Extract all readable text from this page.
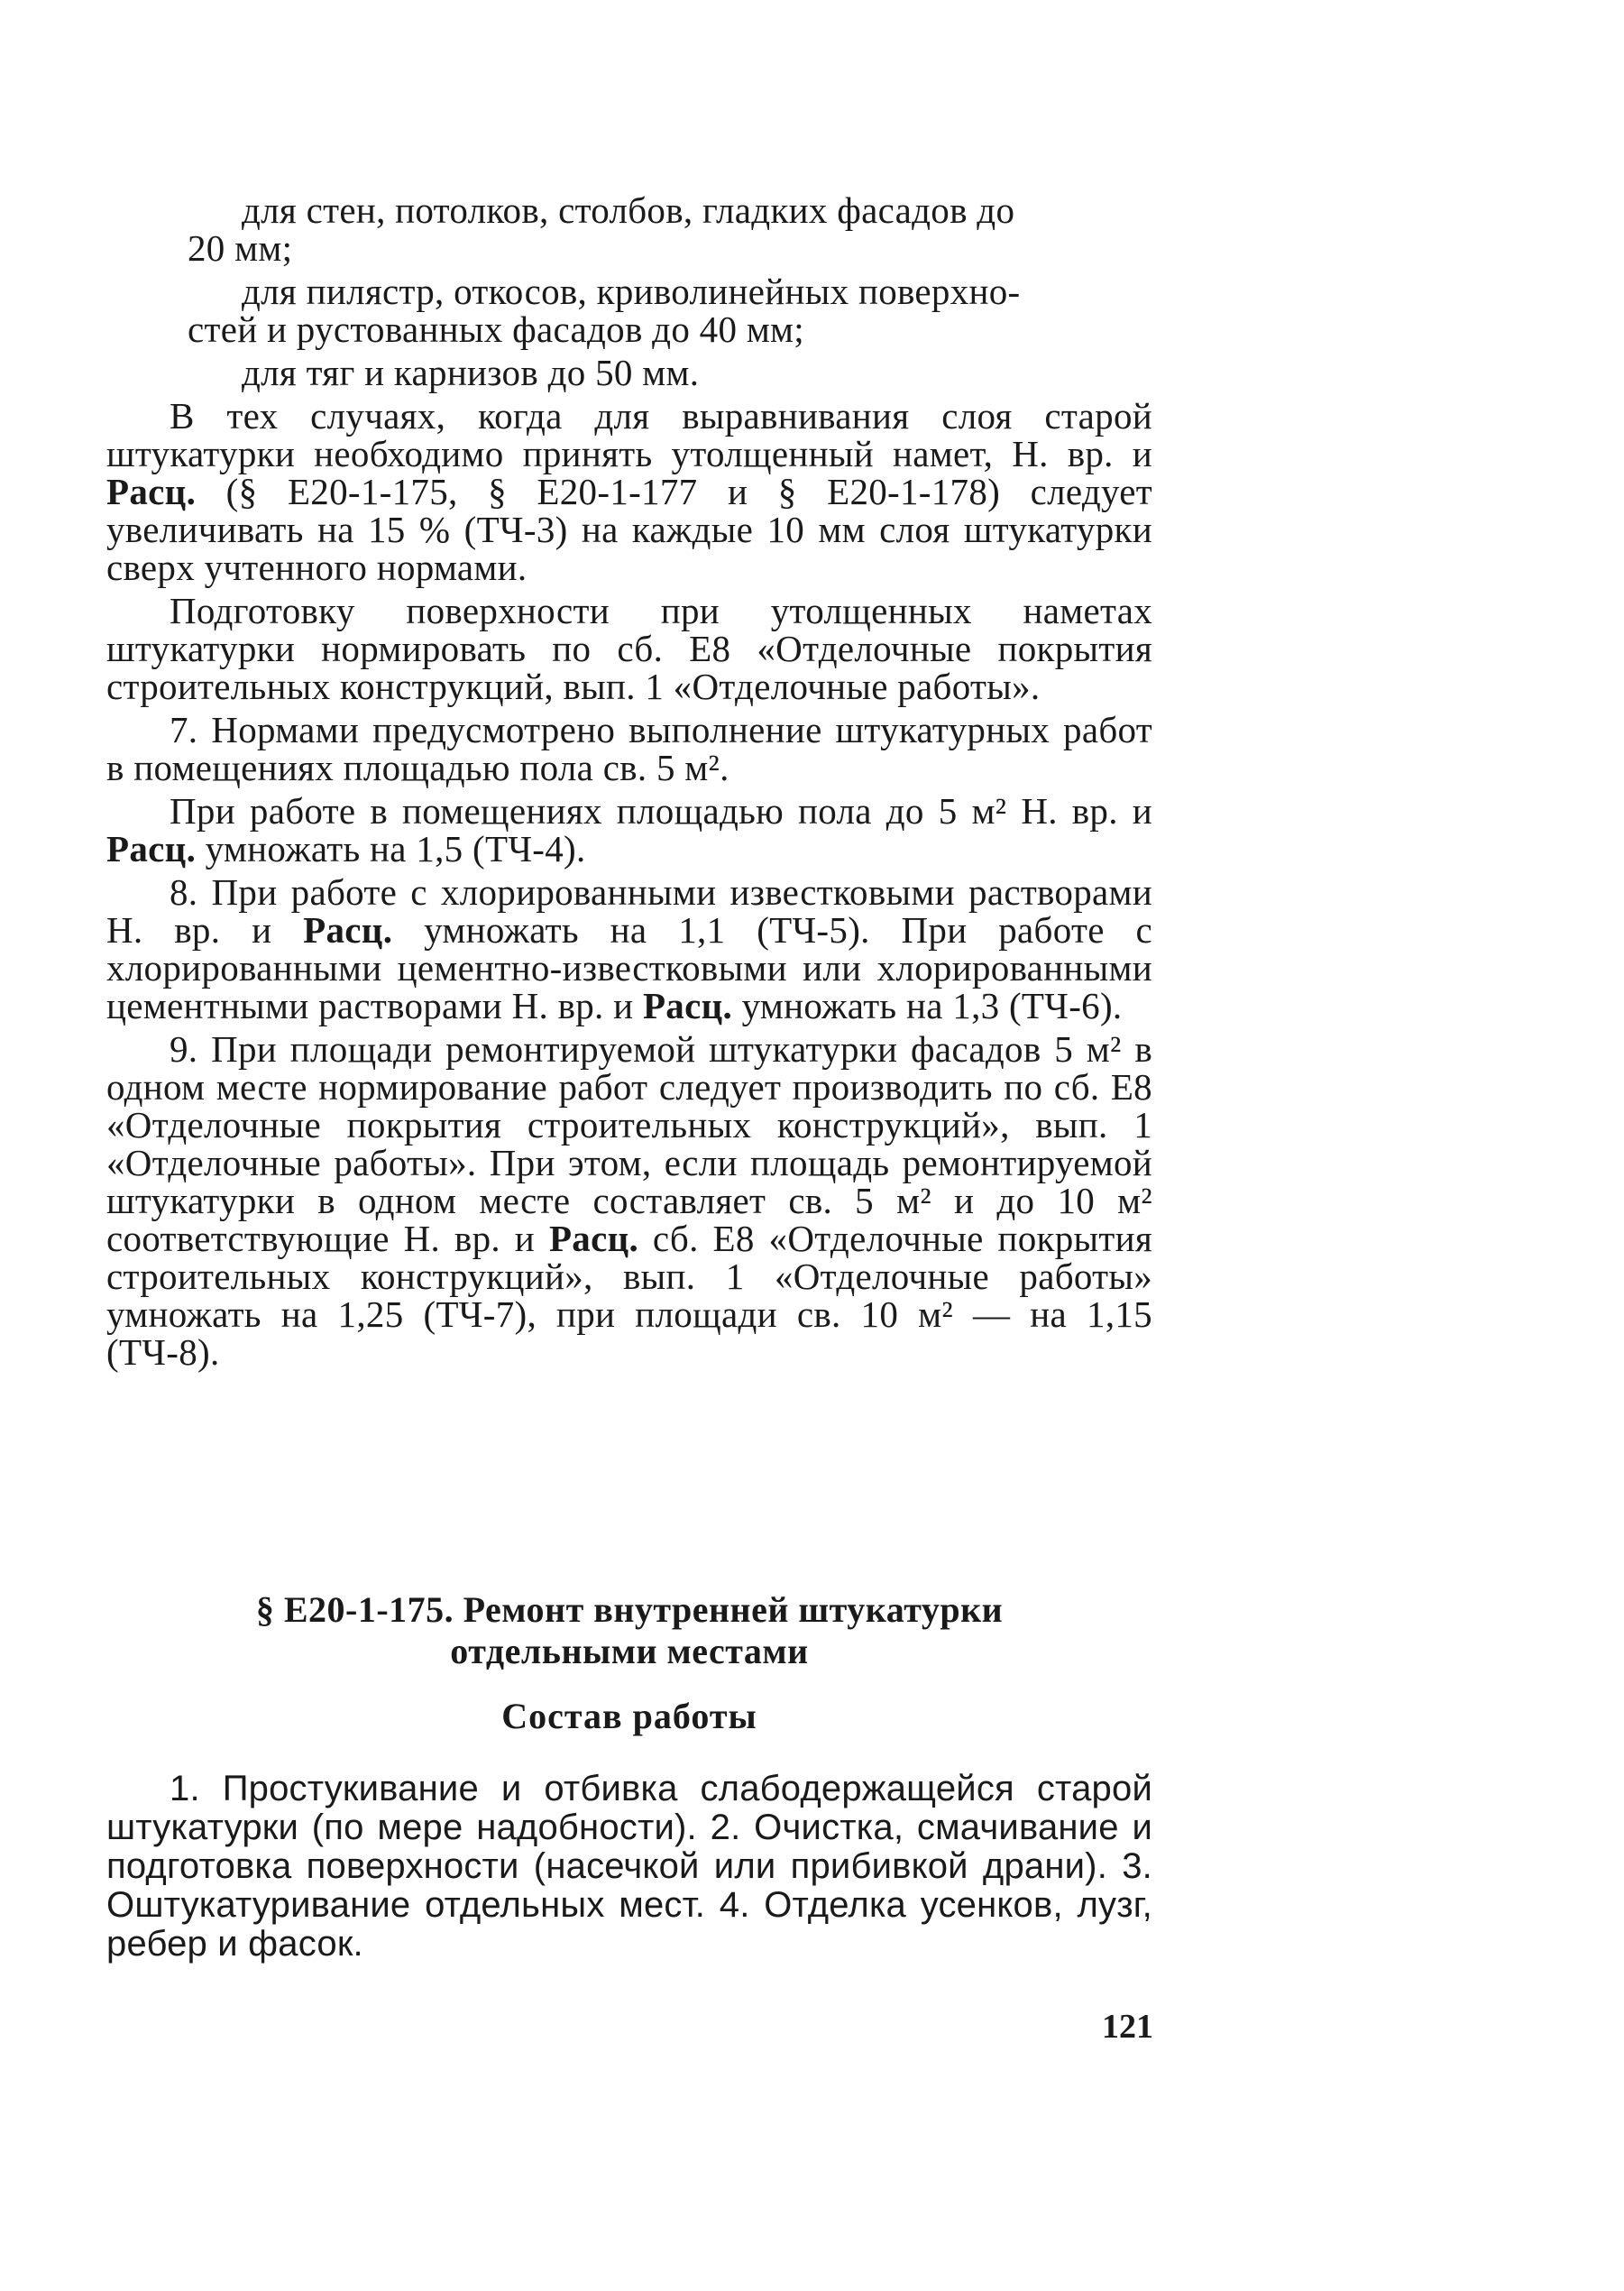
для стен, потолков, столбов, гладких фасадов до

20 мм;

для пилястр, откосов, криволинейных поверхно-

стей и рустованных фасадов до 40 мм;

для тяг и карнизов до 50 мм.

В тех случаях, когда для выравнивания слоя старой штукатурки необходимо принять утолщенный намет, Н. вр. и Расц. (§ Е20-1-175, § Е20-1-177 и § Е20-1-178) следует увеличивать на 15 % (ТЧ-3) на каждые 10 мм слоя штукатурки сверх учтенного нормами.

Подготовку поверхности при утолщенных наметах штукатурки нормировать по сб. Е8 «Отделочные покрытия строительных конструкций, вып. 1 «Отделочные работы».

7. Нормами предусмотрено выполнение штукатурных работ в помещениях площадью пола св. 5 м².

При работе в помещениях площадью пола до 5 м² Н. вр. и Расц. умножать на 1,5 (ТЧ-4).

8. При работе с хлорированными известковыми растворами Н. вр. и Расц. умножать на 1,1 (ТЧ-5). При работе с хлорированными цементно-известковыми или хлорированными цементными растворами Н. вр. и Расц. умножать на 1,3 (ТЧ-6).

9. При площади ремонтируемой штукатурки фасадов 5 м² в одном месте нормирование работ следует производить по сб. Е8 «Отделочные покрытия строительных конструкций», вып. 1 «Отделочные работы». При этом, если площадь ремонтируемой штукатурки в одном месте составляет св. 5 м² и до 10 м² соответствующие Н. вр. и Расц. сб. Е8 «Отделочные покрытия строительных конструкций», вып. 1 «Отделочные работы» умножать на 1,25 (ТЧ-7), при площади св. 10 м² — на 1,15 (ТЧ-8).

§ Е20-1-175. Ремонт внутренней штукатурки
отдельными местами
Состав работы

1. Простукивание и отбивка слабодержащейся старой штукатурки (по мере надобности). 2. Очистка, смачивание и подготовка поверхности (насечкой или прибивкой драни). 3. Оштукатуривание отдельных мест. 4. Отделка усенков, лузг, ребер и фасок.

121
